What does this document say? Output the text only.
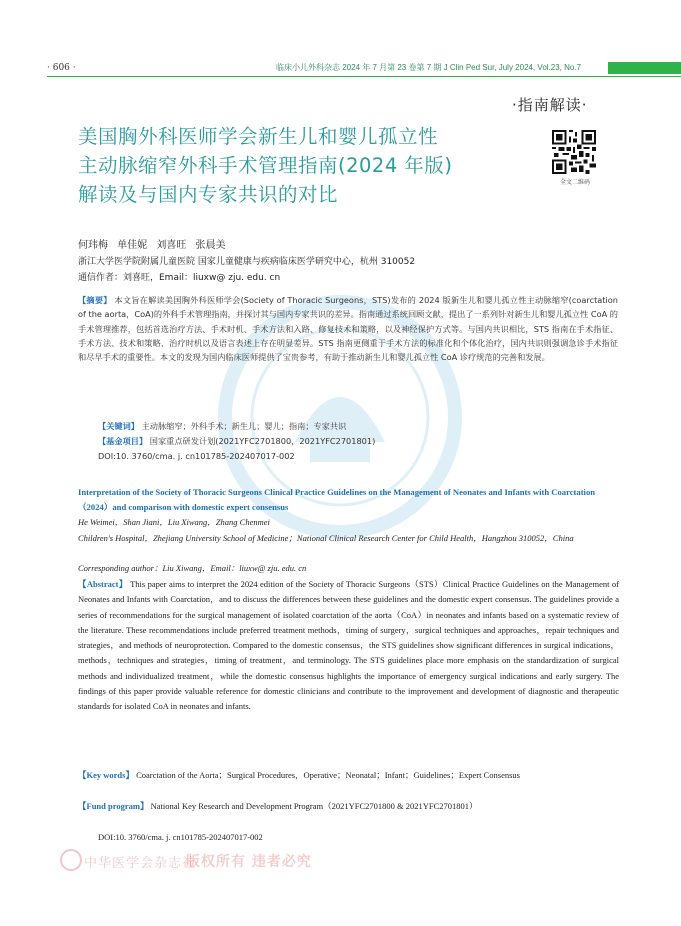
· 606 ·	临床小儿外科杂志 2024 年 7 月第 23 卷第 7 期 J Clin Ped Sur, July 2024, Vol.23, No.7
·指南解读·
美国胸外科医师学会新生儿和婴儿孤立性
主动脉缩窄外科手术管理指南(2024 年版)
解读及与国内专家共识的对比
全文二维码
何玮梅 单佳妮 刘喜旺 张晨美
浙江大学医学院附属儿童医院 国家儿童健康与疾病临床医学研究中心，杭州 310052
通信作者：刘喜旺，Email：liuxw@ zju. edu. cn
【摘要】 本文旨在解读美国胸外科医师学会(Society of Thoracic Surgeons，STS)发布的 2024 版新生儿和婴儿孤立性主动脉缩窄(coarctation of the aorta，CoA)的外科手术管理指南，并探讨其与国内专家共识的差异。指南通过系统回顾文献，提出了一系列针对新生儿和婴儿孤立性 CoA 的手术管理推荐，包括首选治疗方法、手术时机、手术方法和入路、修复技术和策略，以及神经保护方式等。与国内共识相比，STS 指南在手术指征、手术方法、技术和策略、治疗时机以及语言表述上存在明显差异。STS 指南更侧重于手术方法的标准化和个体化治疗，国内共识则强调急诊手术指征和尽早手术的重要性。本文的发现为国内临床医师提供了宝贵参考，有助于推动新生儿和婴儿孤立性 CoA 诊疗规范的完善和发展。
【关键词】 主动脉缩窄；外科手术；新生儿；婴儿；指南；专家共识
【基金项目】 国家重点研发计划(2021YFC2701800，2021YFC2701801)
DOI:10. 3760/cma. j. cn101785-202407017-002
Interpretation of the Society of Thoracic Surgeons Clinical Practice Guidelines on the Management of Neonates and Infants with Coarctation（2024）and comparison with domestic expert consensus
He Weimei，Shan Jiani，Liu Xiwang，Zhang Chenmei
Children's Hospital，Zhejiang University School of Medicine；National Clinical Research Center for Child Health，Hangzhou 310052，China
Corresponding author：Liu Xiwang，Email：liuxw@ zju. edu. cn
【Abstract】 This paper aims to interpret the 2024 edition of the Society of Thoracic Surgeons（STS）Clinical Practice Guidelines on the Management of Neonates and Infants with Coarctation，and to discuss the differences between these guidelines and the domestic expert consensus. The guidelines provide a series of recommendations for the surgical management of isolated coarctation of the aorta（CoA）in neonates and infants based on a systematic review of the literature. These recommendations include preferred treatment methods，timing of surgery，surgical techniques and approaches，repair techniques and strategies，and methods of neuroprotection. Compared to the domestic consensus，the STS guidelines show significant differences in surgical indications，methods，techniques and strategies，timing of treatment，and terminology. The STS guidelines place more emphasis on the standardization of surgical methods and individualized treatment，while the domestic consensus highlights the importance of emergency surgical indications and early surgery. The findings of this paper provide valuable reference for domestic clinicians and contribute to the improvement and development of diagnostic and therapeutic standards for isolated CoA in neonates and infants.
【Key words】 Coarctation of the Aorta；Surgical Procedures，Operative；Neonatal；Infant；Guidelines；Expert Consensus
【Fund program】 National Key Research and Development Program（2021YFC2701800 & 2021YFC2701801）
DOI:10. 3760/cma. j. cn101785-202407017-002
中华医学会杂志社
版权所有 违者必究
